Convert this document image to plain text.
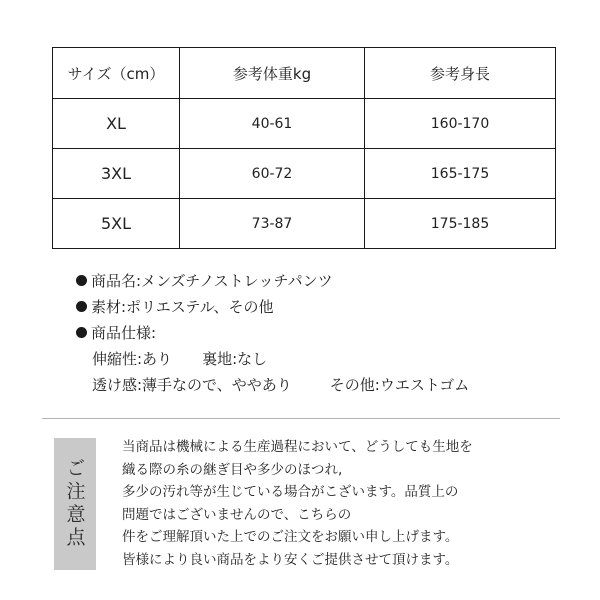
サイズ（cm）	参考体重kg	参考身長
XL	40-61	160-170
3XL	60-72	165-175
5XL	73-87	175-185
商品名:メンズチノストレッチパンツ
素材:ポリエステル、その他
商品仕様:
伸縮性:あり 裏地:なし
透け感:薄手なので、ややあり	その他:ウエストゴム
ご注意点
当商品は機械による生産過程において、どうしても生地を
織る際の糸の継ぎ目や多少のほつれ,
多少の汚れ等が生じている場合がこざいます。品質上の
問題ではございませんので、こちらの
件をご理解頂いた上でのご注文をお願い申し上げます。
皆様により良い商品をより安くご提供させて頂けます。
